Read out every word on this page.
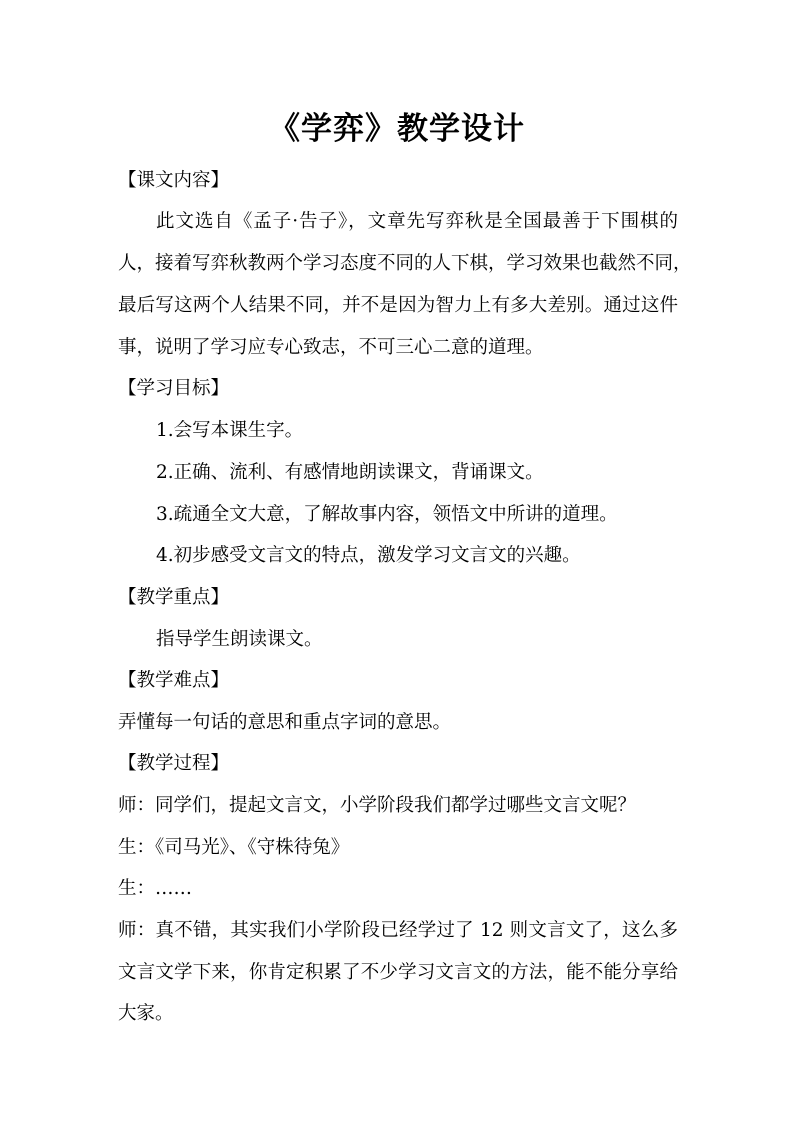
《学弈》教学设计
【课文内容】
此文选自《孟子·告子》，文章先写弈秋是全国最善于下围棋的
人，接着写弈秋教两个学习态度不同的人下棋，学习效果也截然不同，
最后写这两个人结果不同，并不是因为智力上有多大差别。通过这件
事，说明了学习应专心致志，不可三心二意的道理。
【学习目标】
1.会写本课生字。
2.正确、流利、有感情地朗读课文，背诵课文。
3.疏通全文大意，了解故事内容，领悟文中所讲的道理。
4.初步感受文言文的特点，激发学习文言文的兴趣。
【教学重点】
指导学生朗读课文。
【教学难点】
弄懂每一句话的意思和重点字词的意思。
【教学过程】
师：同学们，提起文言文，小学阶段我们都学过哪些文言文呢？
生：《司马光》、《守株待兔》
生：……
师：真不错，其实我们小学阶段已经学过了 12 则文言文了，这么多
文言文学下来，你肯定积累了不少学习文言文的方法，能不能分享给
大家。
